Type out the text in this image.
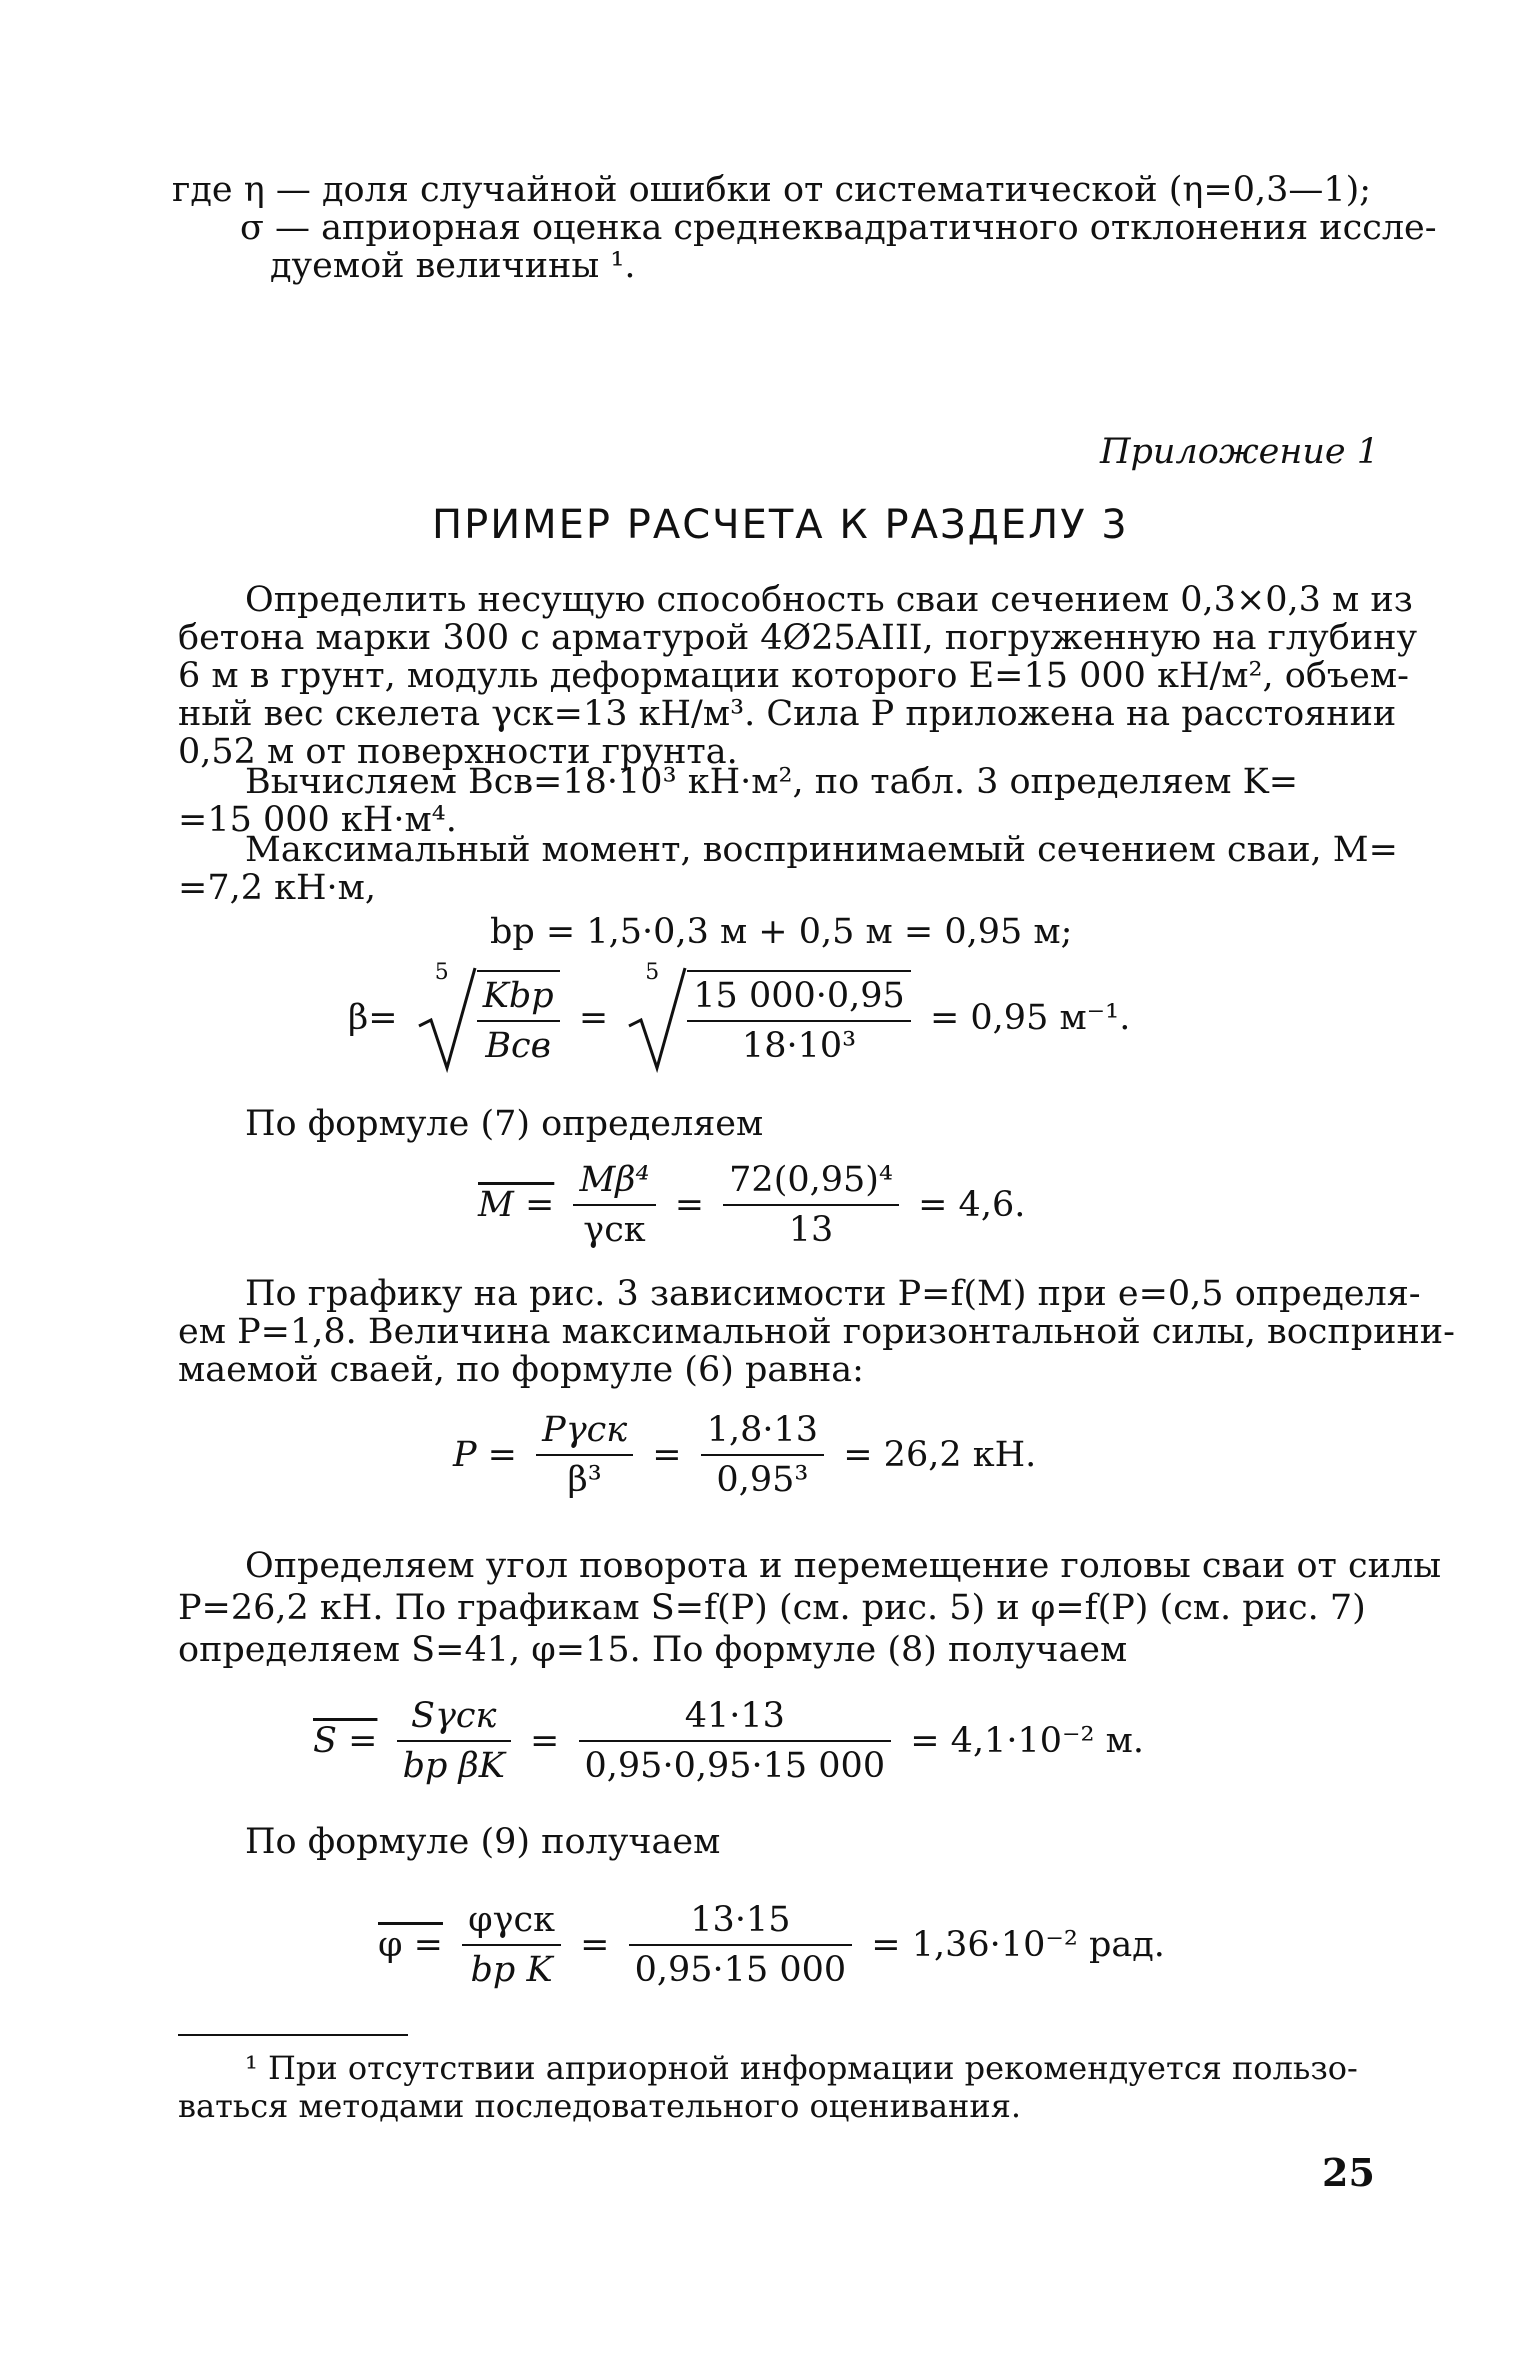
где η — доля случайной ошибки от систематической (η=0,3—1);
σ — априорная оценка среднеквадратичного отклонения иссле-
дуемой величины ¹.
Приложение 1
ПРИМЕР РАСЧЕТА К РАЗДЕЛУ 3
Определить несущую способность сваи сечением 0,3×0,3 м из
бетона марки 300 с арматурой 4Ø25AIII, погруженную на глубину
6 м в грунт, модуль деформации которого E=15 000 кН/м², объем-
ный вес скелета γск=13 кН/м³. Сила P приложена на расстоянии
0,52 м от поверхности грунта.
Вычисляем Bсв=18·10³ кН·м², по табл. 3 определяем K=
=15 000 кН·м⁴.
Максимальный момент, воспринимаемый сечением сваи, M=
=7,2 кН·м,
bр = 1,5·0,3 м + 0,5 м = 0,95 м;
β=
$5 \frac{\text{Kbр}}{\text{Bсв}}$ =
$5 \frac{15 000\cdot 0,95}{\text{18·10³}} = 0,95$ м⁻¹.
По формуле (7) определяем
$M = \frac{\text{Mβ⁴}}{\text{γск}} = \frac{\text{72(0,95)⁴}}{13} = 4,6$.
По графику на рис. 3 зависимости P=f(M) при e=0,5 определя-
ем P=1,8. Величина максимальной горизонтальной силы, восприни-
маемой сваей, по формуле (6) равна:
$P = \frac{\text{Pγск}}{\text{β³}} = \frac{1,8\cdot 13}{\text{0,95³}} = 26,2$ кН.
Определяем угол поворота и перемещение головы сваи от силы
P=26,2 кН. По графикам S=f(P) (см. рис. 5) и φ=f(P) (см. рис. 7)
определяем S=41, φ=15. По формуле (8) получаем
$S = \frac{\text{Sγск}}{\text{bр βK}} = \frac{41\cdot 13}{0,95\cdot 0,95\cdot 15 000} = 4,1\cdot 10^{-2}$ м.
По формуле (9) получаем
$\varphi = \frac{\text{φγск}}{\text{bр K}} = \frac{13\cdot 15}{0,95\cdot 15 000} = 1,36\cdot 10^{-2}$ рад.
¹ При отсутствии априорной информации рекомендуется пользо-
ваться методами последовательного оценивания.
25
